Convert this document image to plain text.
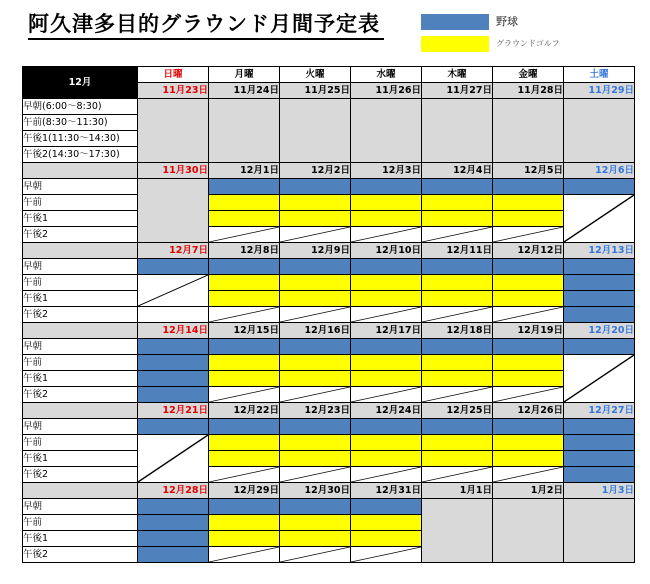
阿久津多目的グラウンド月間予定表	野球
グラウンドゴルフ
12月	日曜	月曜	火曜	水曜	木曜	金曜	土曜
	11月23日	11月24日	11月25日	11月26日	11月27日	11月28日	11月29日
早朝(6:00～8:30)							
午前(8:30～11:30)							
午後1(11:30～14:30)							
午後2(14:30～17:30)							
	11月30日	12月1日	12月2日	12月3日	12月4日	12月5日	12月6日
早朝							
午前							
午後1							
午後2							
	12月7日	12月8日	12月9日	12月10日	12月11日	12月12日	12月13日
早朝							
午前							
午後1							
午後2							
	12月14日	12月15日	12月16日	12月17日	12月18日	12月19日	12月20日
早朝							
午前							
午後1							
午後2							
	12月21日	12月22日	12月23日	12月24日	12月25日	12月26日	12月27日
早朝							
午前							
午後1							
午後2							
	12月28日	12月29日	12月30日	12月31日	1月1日	1月2日	1月3日
早朝							
午前							
午後1							
午後2							
